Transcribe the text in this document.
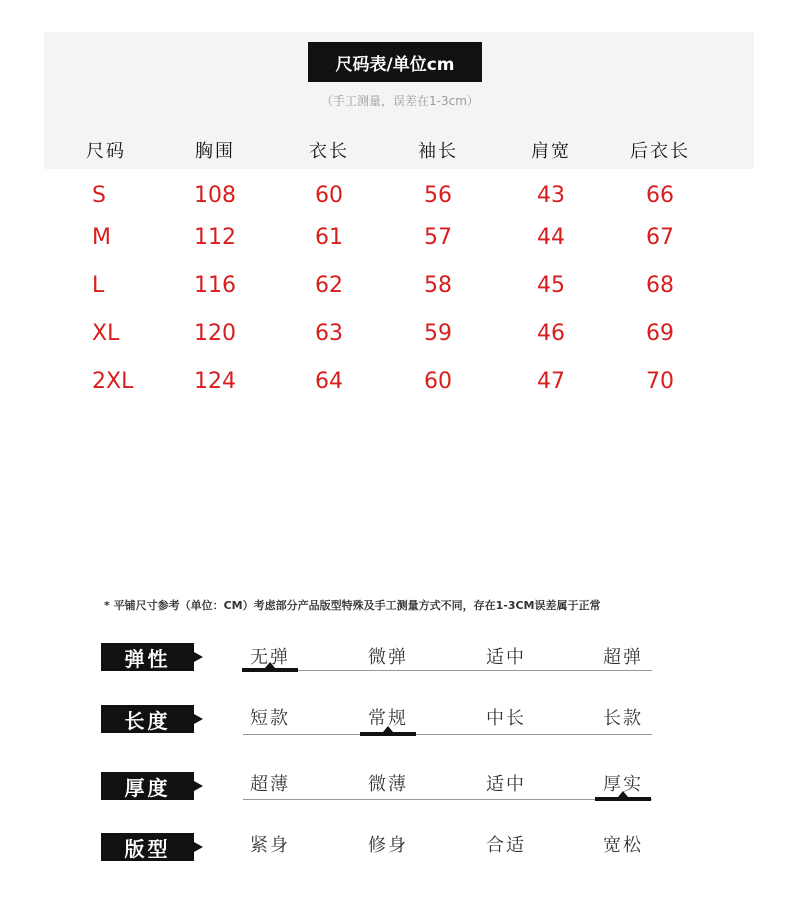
尺码表/单位cm
（手工测量，误差在1-3cm）
尺码	胸围	衣长	袖长	肩宽	后衣长
S	108	60	56	43	66
M	112	61	57	44	67
L	116	62	58	45	68
XL	120	63	59	46	69
2XL	124	64	60	47	70
* 平铺尺寸参考（单位：CM）考虑部分产品版型特殊及手工测量方式不同，存在1-3CM误差属于正常
弹性	无弹	微弹	适中	超弹
长度	短款	常规	中长	长款
厚度	超薄	微薄	适中	厚实
版型	紧身	修身	合适	宽松
